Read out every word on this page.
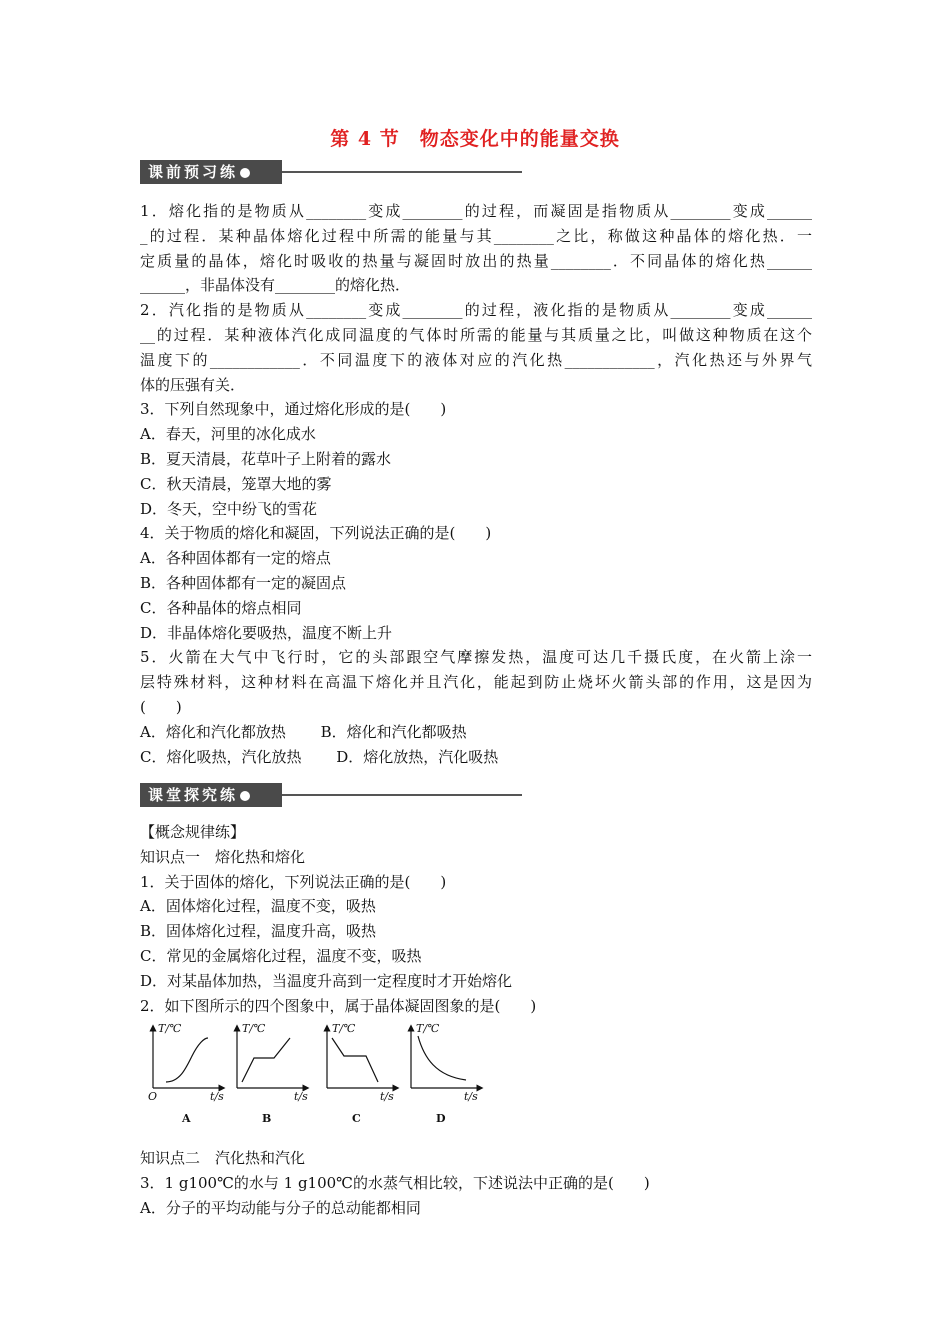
第 4 节　物态变化中的能量交换
课前预习练
1．熔化指的是物质从________变成________的过程，而凝固是指物质从________变成______
_的过程．某种晶体熔化过程中所需的能量与其________之比，称做这种晶体的熔化热．一
定质量的晶体，熔化时吸收的热量与凝固时放出的热量________．不同晶体的熔化热______
______，非晶体没有________的熔化热．
2．汽化指的是物质从________变成________的过程，液化指的是物质从________变成______
__的过程．某种液体汽化成同温度的气体时所需的能量与其质量之比，叫做这种物质在这个
温度下的____________．不同温度下的液体对应的汽化热____________，汽化热还与外界气
体的压强有关．
3．下列自然现象中，通过熔化形成的是(　　)
A．春天，河里的冰化成水
B．夏天清晨，花草叶子上附着的露水
C．秋天清晨，笼罩大地的雾
D．冬天，空中纷飞的雪花
4．关于物质的熔化和凝固，下列说法正确的是(　　)
A．各种固体都有一定的熔点
B．各种固体都有一定的凝固点
C．各种晶体的熔点相同
D．非晶体熔化要吸热，温度不断上升
5．火箭在大气中飞行时，它的头部跟空气摩擦发热，温度可达几千摄氏度，在火箭上涂一
层特殊材料，这种材料在高温下熔化并且汽化，能起到防止烧坏火箭头部的作用，这是因为
(　　)
A．熔化和汽化都放热　　 B．熔化和汽化都吸热
C．熔化吸热，汽化放热　　 D．熔化放热，汽化吸热
课堂探究练
【概念规律练】
知识点一　熔化热和熔化
1．关于固体的熔化，下列说法正确的是(　　)
A．固体熔化过程，温度不变，吸热
B．固体熔化过程，温度升高，吸热
C．常见的金属熔化过程，温度不变，吸热
D．对某晶体加热，当温度升高到一定程度时才开始熔化
2．如下图所示的四个图象中，属于晶体凝固图象的是(　　)
T/℃
O	t/s
A
T/℃
t/s
B
T/℃
t/s
C
T/℃
t/s
D
知识点二　汽化热和汽化
3．1 g100℃的水与 1 g100℃的水蒸气相比较，下述说法中正确的是(　　)
A．分子的平均动能与分子的总动能都相同
